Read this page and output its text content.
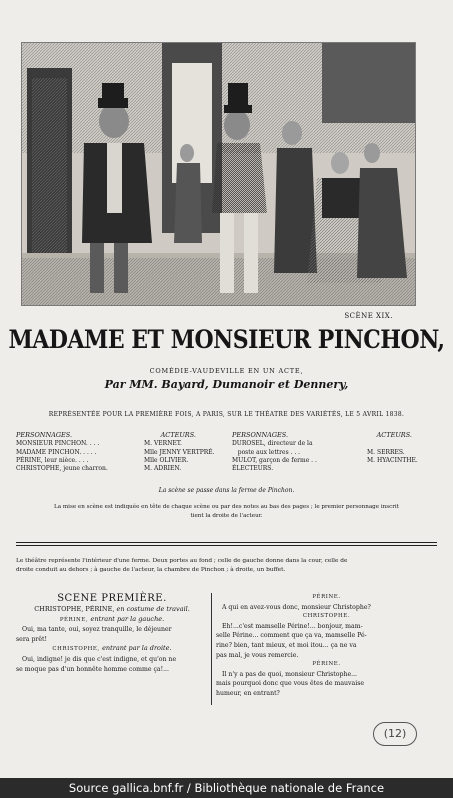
SCÈNE XIX.
MADAME ET MONSIEUR PINCHON,
COMÉDIE-VAUDEVILLE EN UN ACTE,
Par MM. Bayard, Dumanoir et Dennery,
REPRÉSENTÉE POUR LA PREMIÈRE FOIS, A PARIS, SUR LE THÉATRE DES VARIÉTÉS, LE 5 AVRIL 1838.
PERSONNAGES.	ACTEURS.
MONSIEUR PINCHON. . . .	M. VERNET.
MADAME PINCHON. . . . .	Mlle JENNY VERTPRÉ.
PÉRINE, leur nièce. . . .	Mlle OLIVIER.
CHRISTOPHE, jeune charron.	M. ADRIEN.
PERSONNAGES.	ACTEURS.
DUROSEL, directeur de la
poste aux lettres . . .	M. SERRES.
MULOT, garçon de ferme . .	M. HYACINTHE.
ÉLECTEURS.
La scène se passe dans la ferme de Pinchon.
La mise en scène est indiquée en tête de chaque scène ou par des notes au bas des pages ; le premier personnage inscrit
tient la droite de l'acteur.
Le théâtre représente l'intérieur d'une ferme. Deux portes au fond ; celle de gauche donne dans la cour, celle de
droite conduit au dehors ; à gauche de l'acteur, la chambre de Pinchon ; à droite, un buffet.
SCENE PREMIÈRE.
CHRISTOPHE, PÉRINE, en costume de travail.
PÉRINE, entrant par la gauche.
Oui, ma tante, oui, soyez tranquille, le déjeuner
sera prêt!
CHRISTOPHE, entrant par la droite.
Oui, indigne! je dis que c'est indigne, et qu'on ne
se moque pas d'un honnête homme comme ça!...
PÉRINE.
A qui en avez-vous donc, monsieur Christophe?
CHRISTOPHE.
Eh!...c'est mamselle Périne!... bonjour, mam-
selle Périne... comment que ça va, mamselle Pé-
rine? bien, tant mieux, et moi itou... ça ne va
pas mal, je vous remercie.
PÉRINE.
Il n'y a pas de quoi, monsieur Christophe...
mais pourquoi donc que vous êtes de mauvaise
humeur, en entrant?
(12)
Source gallica.bnf.fr / Bibliothèque nationale de France
